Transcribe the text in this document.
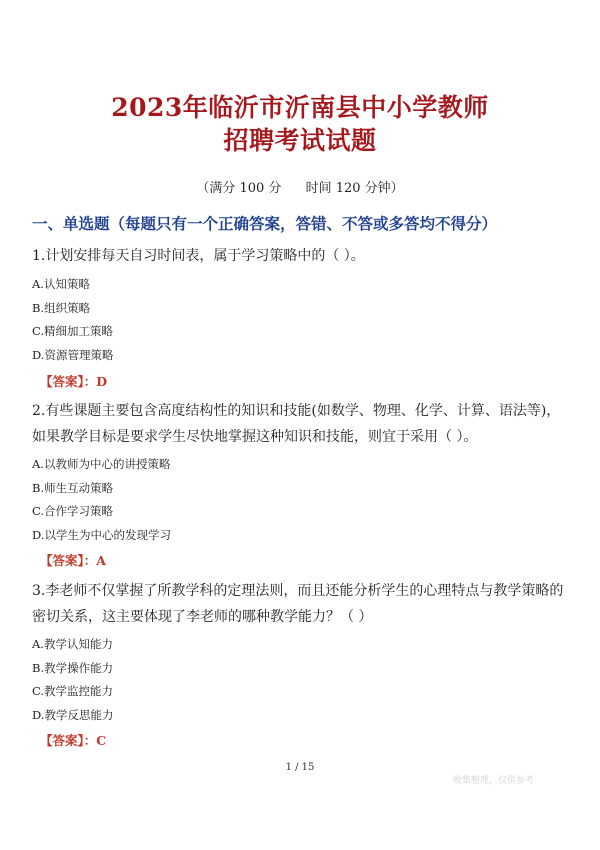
2023年临沂市沂南县中小学教师
招聘考试试题
（满分 100 分 时间 120 分钟）
一、单选题（每题只有一个正确答案，答错、不答或多答均不得分）
1.计划安排每天自习时间表，属于学习策略中的（ ）。
A.认知策略
B.组织策略
C.精细加工策略
D.资源管理策略
【答案】：D
2.有些课题主要包含高度结构性的知识和技能(如数学、物理、化学、计算、语法等)，如果教学目标是要求学生尽快地掌握这种知识和技能，则宜于采用（ ）。
A.以教师为中心的讲授策略
B.师生互动策略
C.合作学习策略
D.以学生为中心的发现学习
【答案】：A
3.李老师不仅掌握了所教学科的定理法则，而且还能分析学生的心理特点与教学策略的密切关系，这主要体现了李老师的哪种教学能力？（ ）
A.教学认知能力
B.教学操作能力
C.教学监控能力
D.教学反思能力
【答案】：C
1 / 15
收集整理，仅供参考
